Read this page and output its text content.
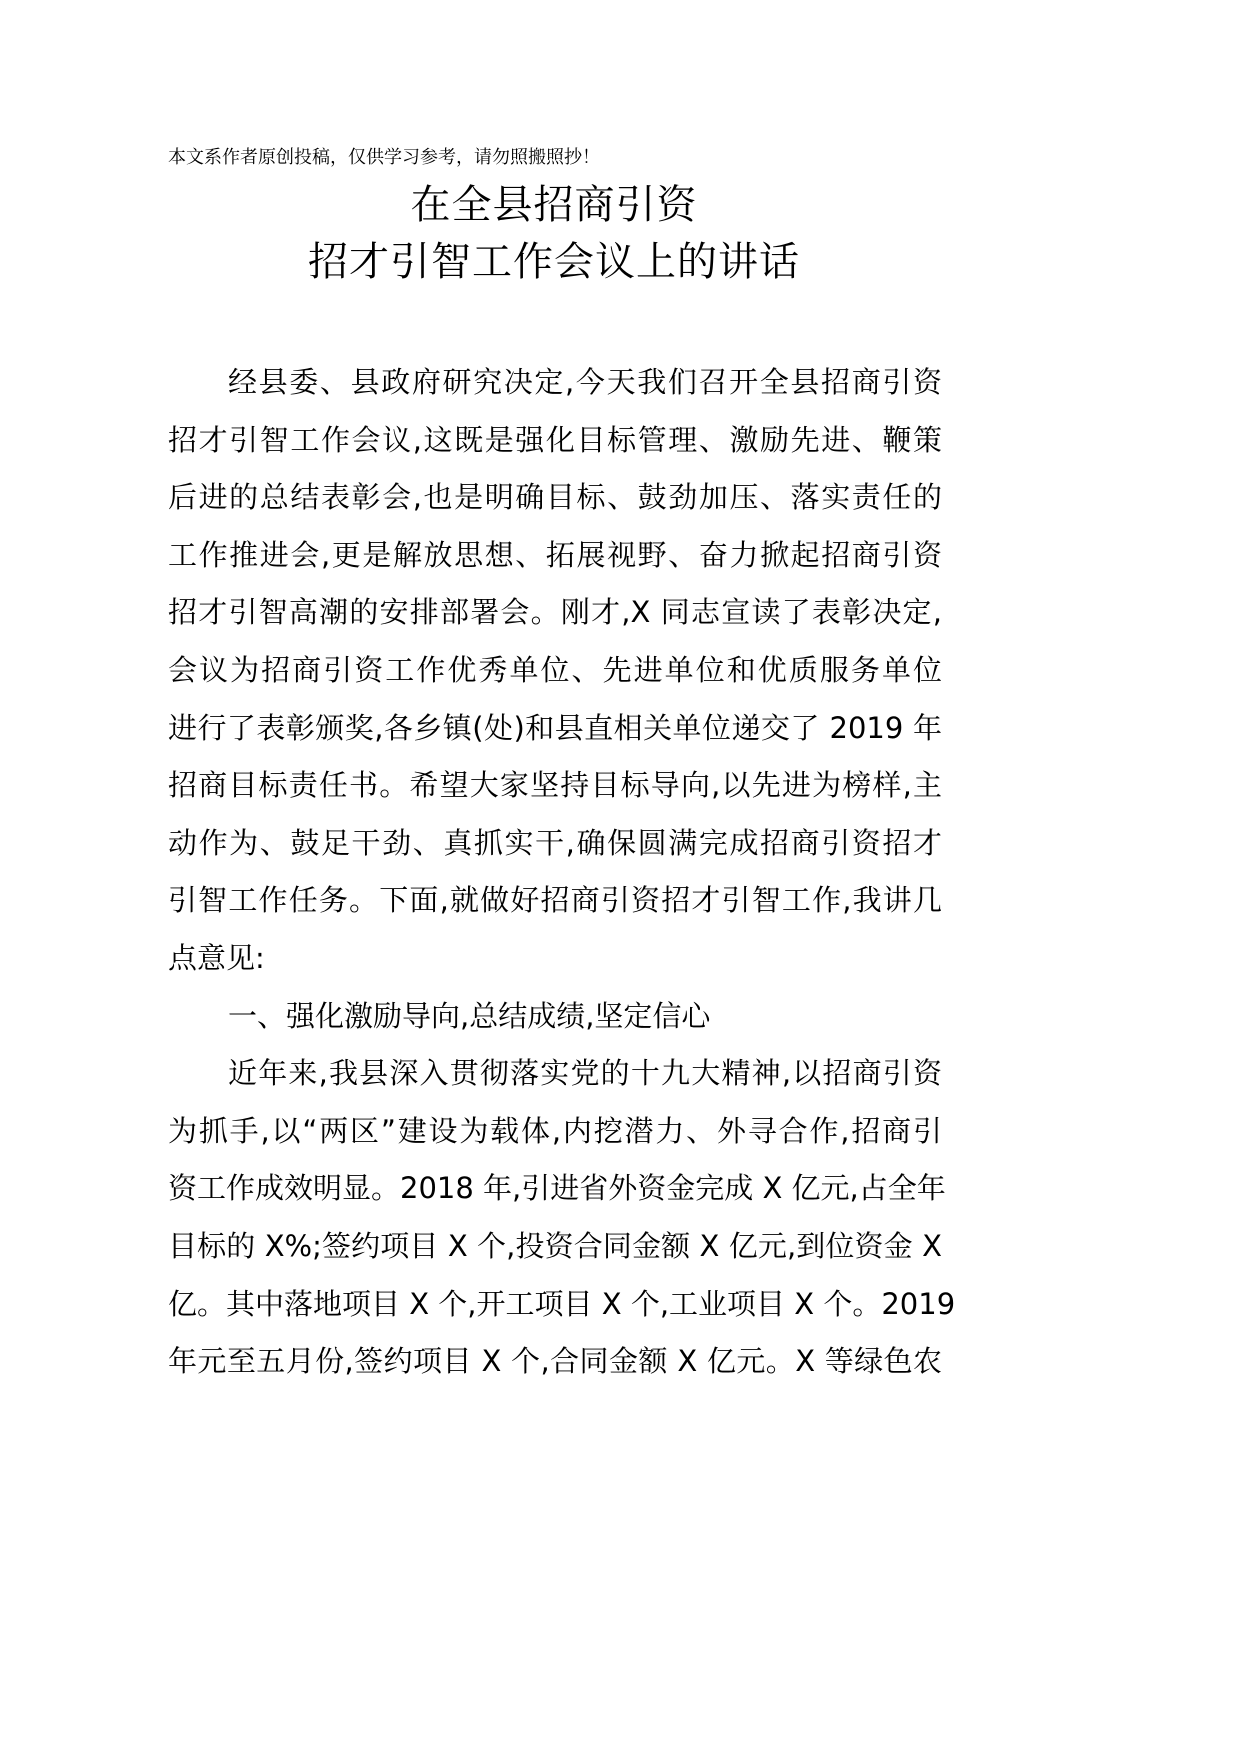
本文系作者原创投稿，仅供学习参考，请勿照搬照抄！
在全县招商引资
招才引智工作会议上的讲话
经县委、县政府研究决定,今天我们召开全县招商引资
招才引智工作会议,这既是强化目标管理、激励先进、鞭策
后进的总结表彰会,也是明确目标、鼓劲加压、落实责任的
工作推进会,更是解放思想、拓展视野、奋力掀起招商引资
招才引智高潮的安排部署会。刚才,X 同志宣读了表彰决定,
会议为招商引资工作优秀单位、先进单位和优质服务单位
进行了表彰颁奖,各乡镇(处)和县直相关单位递交了 2019 年
招商目标责任书。希望大家坚持目标导向,以先进为榜样,主
动作为、鼓足干劲、真抓实干,确保圆满完成招商引资招才
引智工作任务。下面,就做好招商引资招才引智工作,我讲几
点意见:
一、强化激励导向,总结成绩,坚定信心
近年来,我县深入贯彻落实党的十九大精神,以招商引资
为抓手,以“两区”建设为载体,内挖潜力、外寻合作,招商引
资工作成效明显。2018 年,引进省外资金完成 X 亿元,占全年
目标的 X%;签约项目 X 个,投资合同金额 X 亿元,到位资金 X
亿。其中落地项目 X 个,开工项目 X 个,工业项目 X 个。2019
年元至五月份,签约项目 X 个,合同金额 X 亿元。X 等绿色农
